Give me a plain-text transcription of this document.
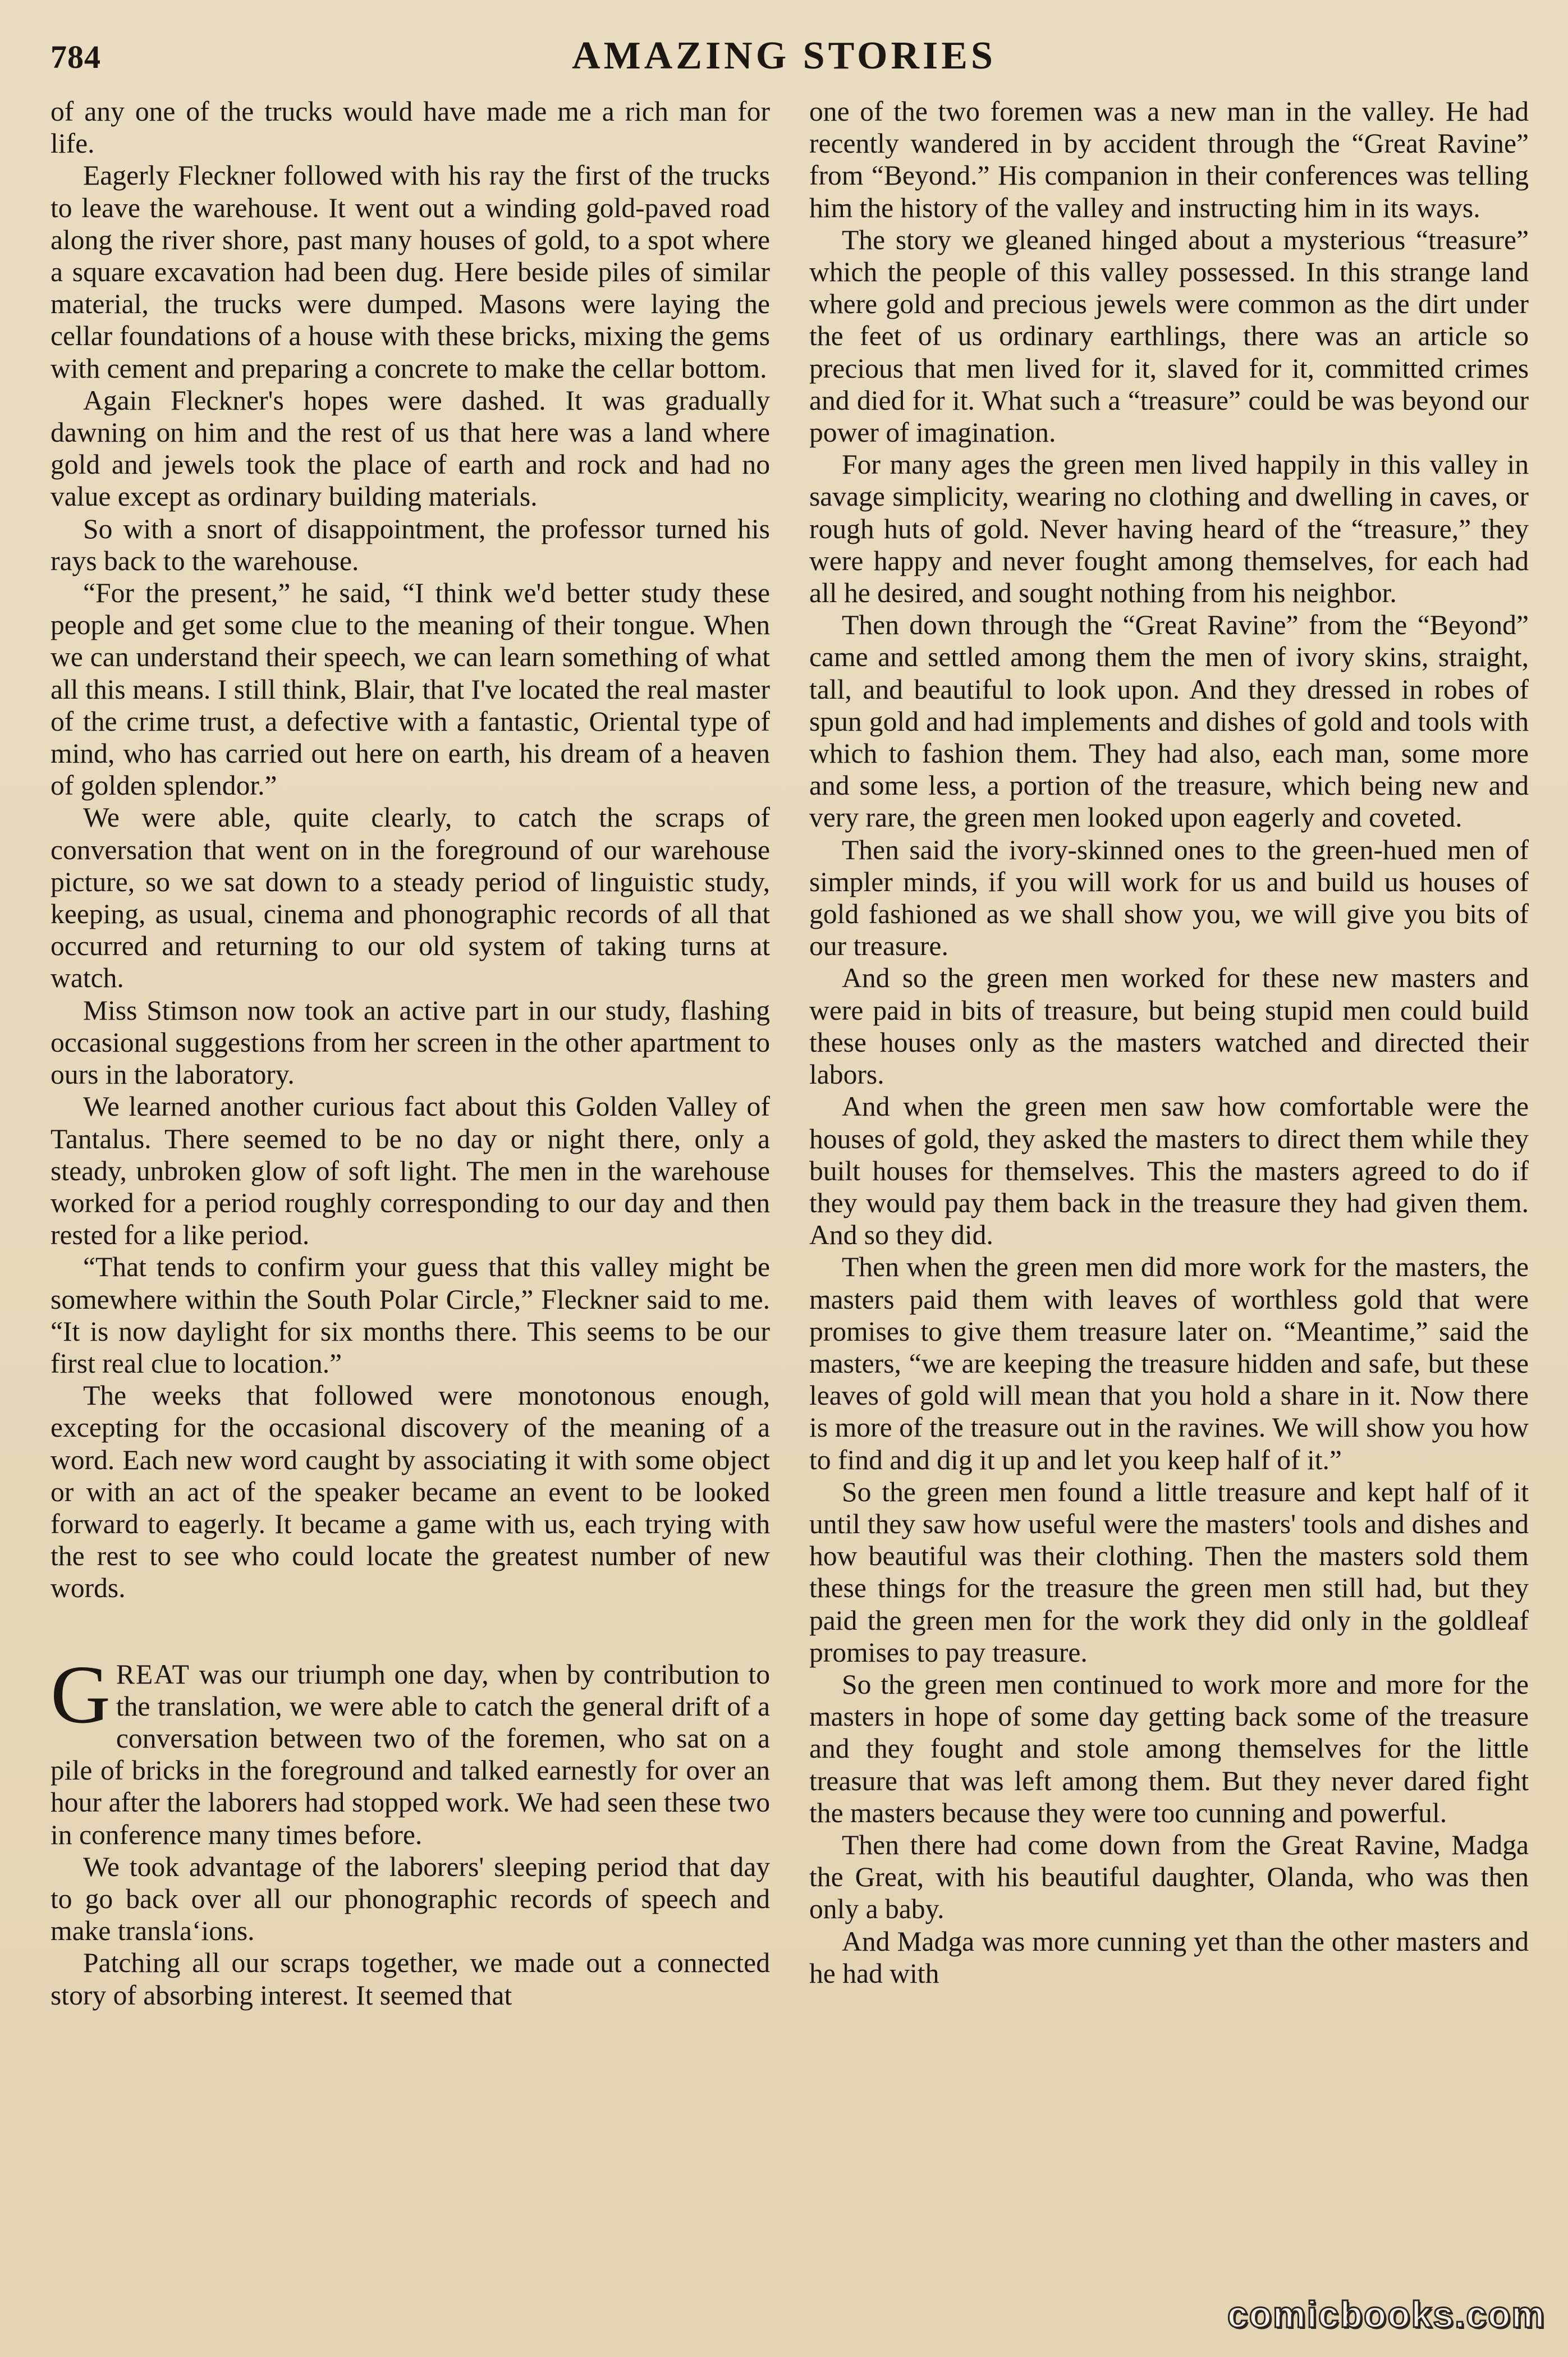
784	AMAZING STORIES

of any one of the trucks would have made me a rich man for life.

Eagerly Fleckner followed with his ray the first of the trucks to leave the warehouse. It went out a winding gold-paved road along the river shore, past many houses of gold, to a spot where a square excavation had been dug. Here beside piles of similar material, the trucks were dumped. Masons were laying the cellar foundations of a house with these bricks, mixing the gems with cement and preparing a concrete to make the cellar bottom.

Again Fleckner's hopes were dashed. It was gradually dawning on him and the rest of us that here was a land where gold and jewels took the place of earth and rock and had no value except as ordinary building materials.

So with a snort of disappointment, the professor turned his rays back to the warehouse.

“For the present,” he said, “I think we'd better study these people and get some clue to the meaning of their tongue. When we can understand their speech, we can learn something of what all this means. I still think, Blair, that I've located the real master of the crime trust, a defective with a fantastic, Oriental type of mind, who has carried out here on earth, his dream of a heaven of golden splendor.”

We were able, quite clearly, to catch the scraps of conversation that went on in the foreground of our warehouse picture, so we sat down to a steady period of linguistic study, keeping, as usual, cinema and phonographic records of all that occurred and returning to our old system of taking turns at watch.

Miss Stimson now took an active part in our study, flashing occasional suggestions from her screen in the other apartment to ours in the laboratory.

We learned another curious fact about this Golden Valley of Tantalus. There seemed to be no day or night there, only a steady, unbroken glow of soft light. The men in the warehouse worked for a period roughly corresponding to our day and then rested for a like period.

“That tends to confirm your guess that this valley might be somewhere within the South Polar Circle,” Fleckner said to me. “It is now daylight for six months there. This seems to be our first real clue to location.”

The weeks that followed were monotonous enough, excepting for the occasional discovery of the meaning of a word. Each new word caught by associating it with some object or with an act of the speaker became an event to be looked forward to eagerly. It became a game with us, each trying with the rest to see who could locate the greatest number of new words.

GREAT was our triumph one day, when by contribution to the translation, we were able to catch the general drift of a conversation between two of the foremen, who sat on a pile of bricks in the foreground and talked earnestly for over an hour after the laborers had stopped work. We had seen these two in conference many times before.

We took advantage of the laborers' sleeping period that day to go back over all our phonographic records of speech and make transla‘ions.

Patching all our scraps together, we made out a connected story of absorbing interest. It seemed that

one of the two foremen was a new man in the valley. He had recently wandered in by accident through the “Great Ravine” from “Beyond.” His companion in their conferences was telling him the history of the valley and instructing him in its ways.

The story we gleaned hinged about a mysterious “treasure” which the people of this valley possessed. In this strange land where gold and precious jewels were common as the dirt under the feet of us ordinary earthlings, there was an article so precious that men lived for it, slaved for it, committed crimes and died for it. What such a “treasure” could be was beyond our power of imagination.

For many ages the green men lived happily in this valley in savage simplicity, wearing no clothing and dwelling in caves, or rough huts of gold. Never having heard of the “treasure,” they were happy and never fought among themselves, for each had all he desired, and sought nothing from his neighbor.

Then down through the “Great Ravine” from the “Beyond” came and settled among them the men of ivory skins, straight, tall, and beautiful to look upon. And they dressed in robes of spun gold and had implements and dishes of gold and tools with which to fashion them. They had also, each man, some more and some less, a portion of the treasure, which being new and very rare, the green men looked upon eagerly and coveted.

Then said the ivory-skinned ones to the green-hued men of simpler minds, if you will work for us and build us houses of gold fashioned as we shall show you, we will give you bits of our treasure.

And so the green men worked for these new masters and were paid in bits of treasure, but being stupid men could build these houses only as the masters watched and directed their labors.

And when the green men saw how comfortable were the houses of gold, they asked the masters to direct them while they built houses for themselves. This the masters agreed to do if they would pay them back in the treasure they had given them. And so they did.

Then when the green men did more work for the masters, the masters paid them with leaves of worthless gold that were promises to give them treasure later on. “Meantime,” said the masters, “we are keeping the treasure hidden and safe, but these leaves of gold will mean that you hold a share in it. Now there is more of the treasure out in the ravines. We will show you how to find and dig it up and let you keep half of it.”

So the green men found a little treasure and kept half of it until they saw how useful were the masters' tools and dishes and how beautiful was their clothing. Then the masters sold them these things for the treasure the green men still had, but they paid the green men for the work they did only in the goldleaf promises to pay treasure.

So the green men continued to work more and more for the masters in hope of some day getting back some of the treasure and they fought and stole among themselves for the little treasure that was left among them. But they never dared fight the masters because they were too cunning and powerful.

Then there had come down from the Great Ravine, Madga the Great, with his beautiful daughter, Olanda, who was then only a baby.

And Madga was more cunning yet than the other masters and he had with

comicbooks.com
